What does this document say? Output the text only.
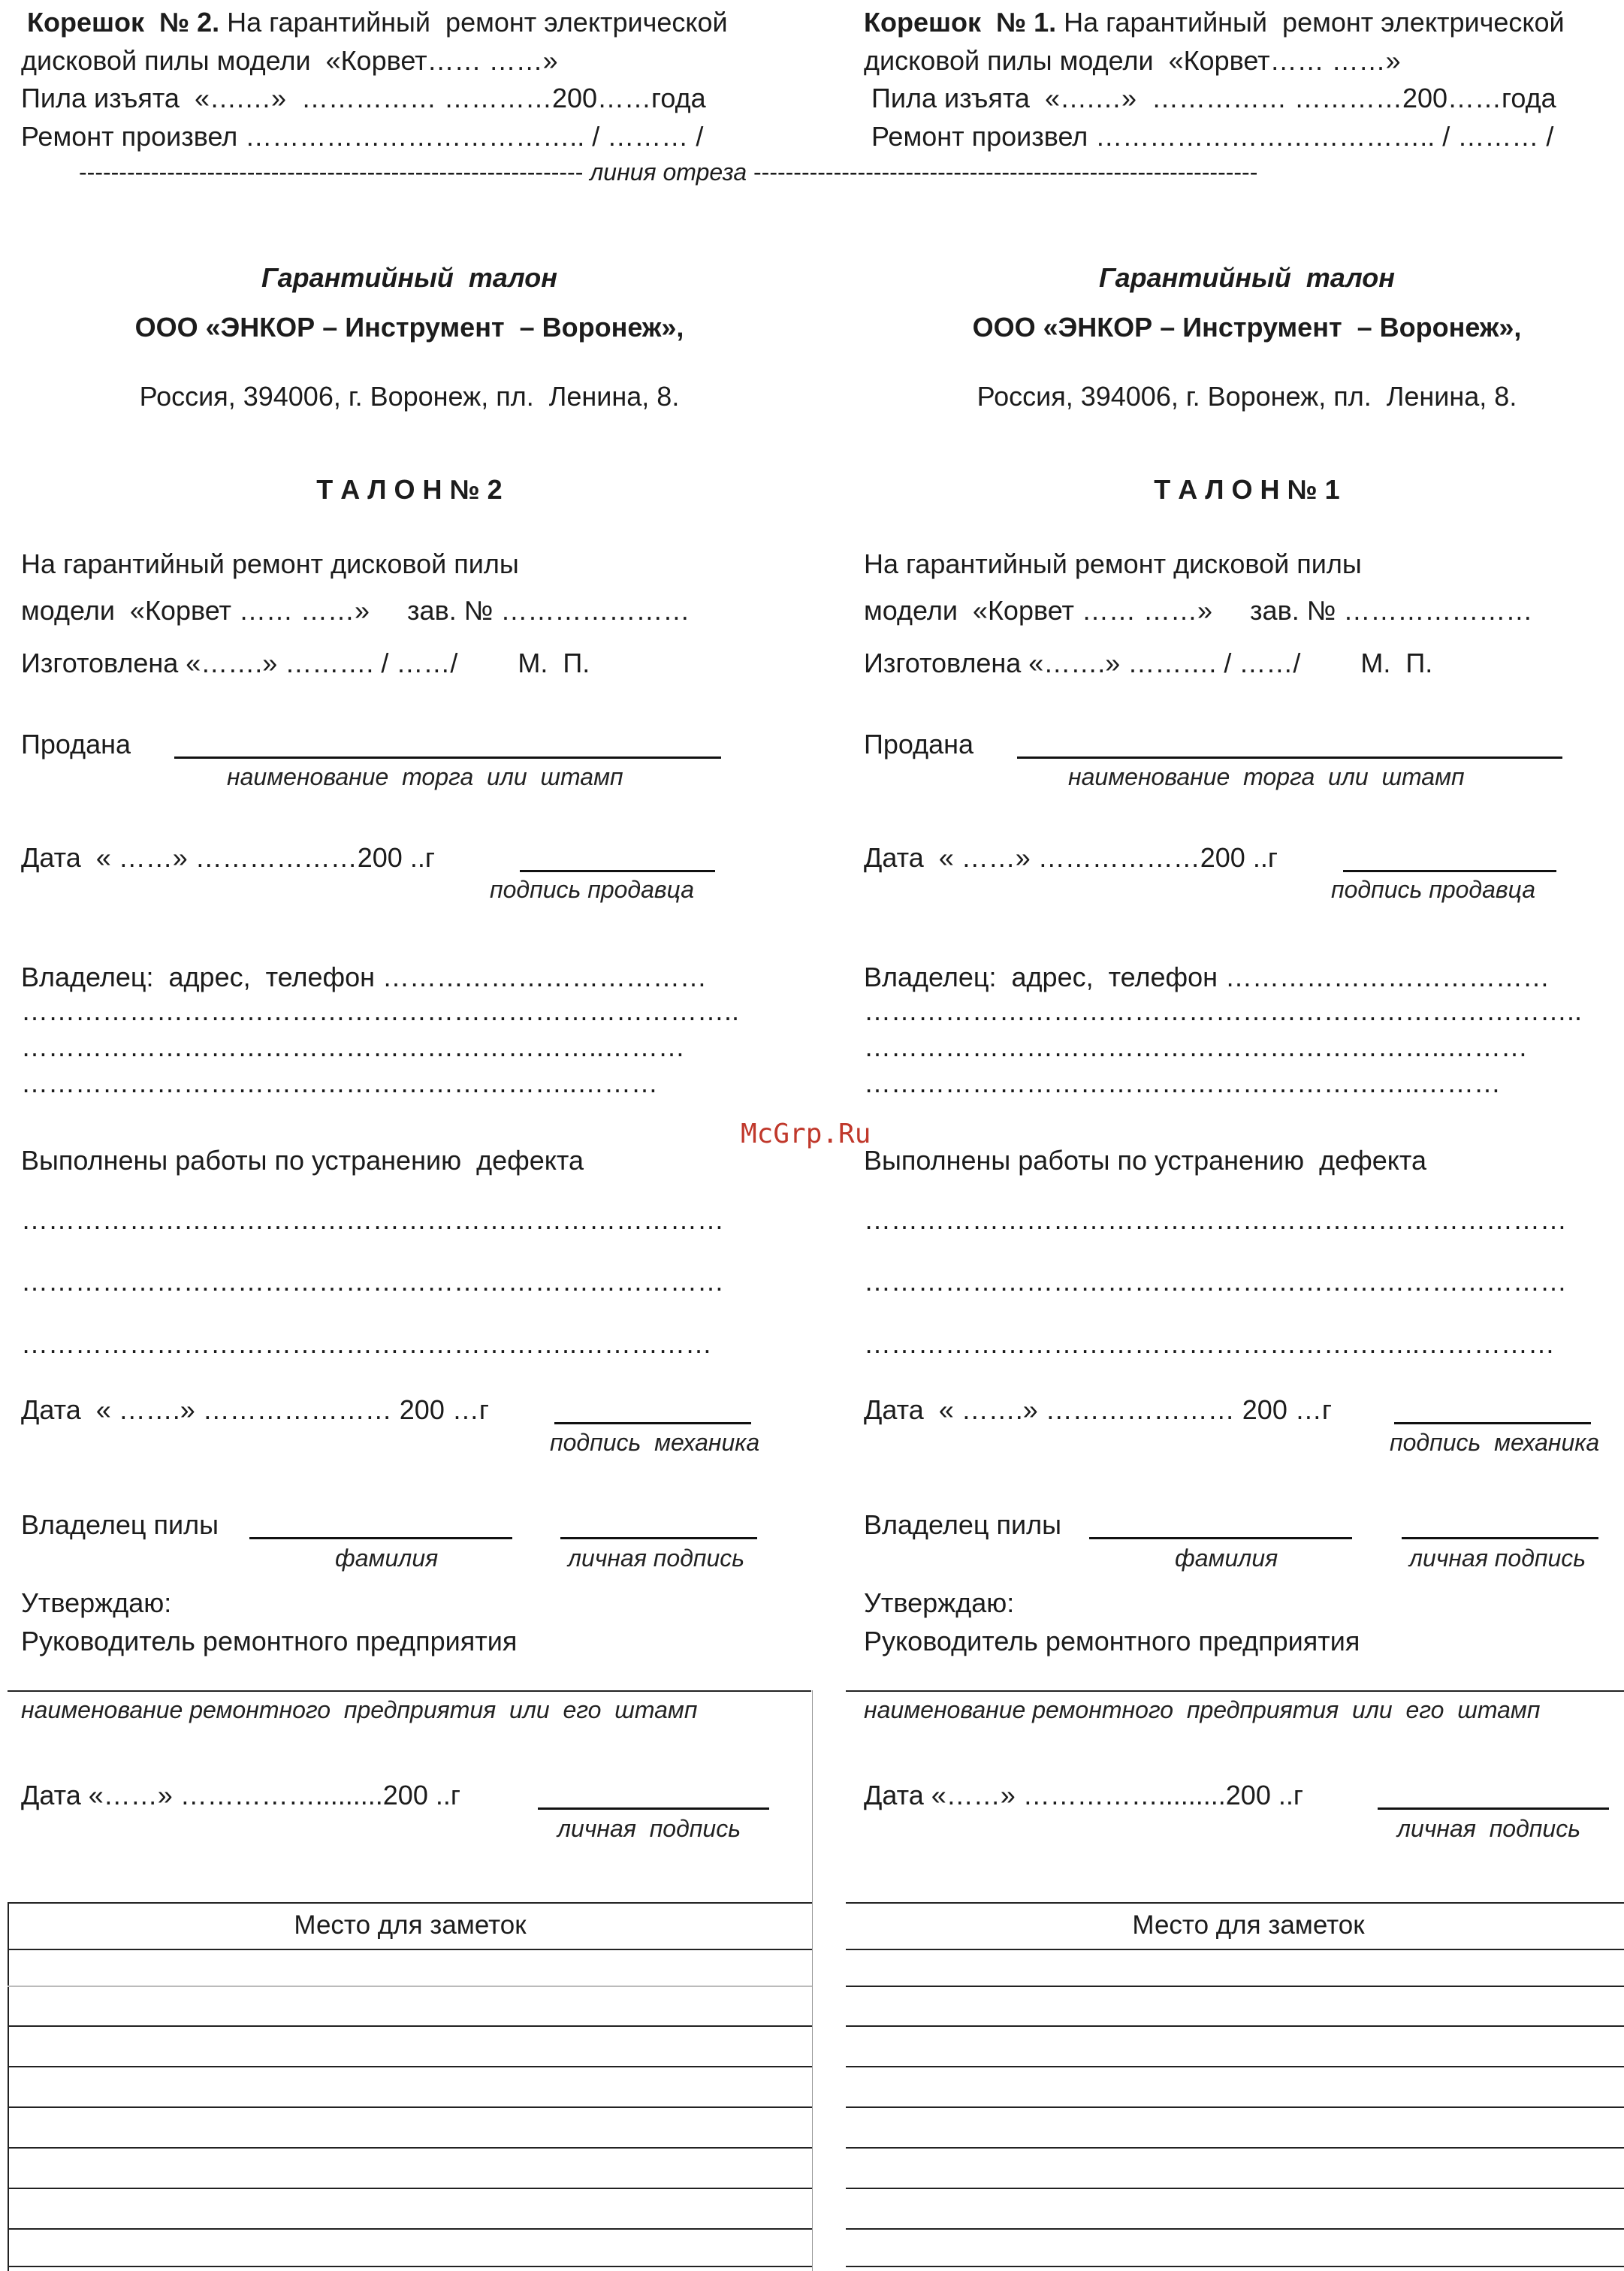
Корешок  № 2. На гарантийный  ремонт электрической
дисковой пилы модели  «Корвет…… ……»
Пила изъята  «….…»  …………… …………200……года
Ремонт произвел ……………………………….. / ……… /
Корешок  № 1. На гарантийный  ремонт электрической
дисковой пилы модели  «Корвет…… ……»
Пила изъята  «….…»  …………… …………200……года
Ремонт произвел ……………………………….. / ……… /
--------------------------------------------------------------- линия отреза ---------------------------------------------------------------
Гарантийный  талон
ООО «ЭНКОР – Инструмент  – Воронеж»,
Россия, 394006, г. Воронеж, пл.  Ленина, 8.
Т А Л О Н № 2
На гарантийный ремонт дисковой пилы
модели  «Корвет …… ……»     зав. № …………………
Изготовлена «…….» ………. / ……/        М.  П.
Продана
наименование  торга  или  штамп
Дата  « ……» ………………200 ..г
подпись продавца
Владелец:  адрес,  телефон ………………………………
……………………………………………………………………..
………………………………………………………..………
……………………………………………………..………
Выполнены работы по устранению  дефекта
……………………………………………………………………
……………………………………………………………………
……………………………………………………..……………
Дата  « …….» ………………… 200 …г
подпись  механика
Владелец пилы
фамилия	личная подпись
Утверждаю:
Руководитель ремонтного предприятия
наименование ремонтного  предприятия  или  его  штамп
Дата «……» …………….........200 ..г
личная  подпись
Место для заметок
Гарантийный  талон
ООО «ЭНКОР – Инструмент  – Воронеж»,
Россия, 394006, г. Воронеж, пл.  Ленина, 8.
Т А Л О Н № 1
На гарантийный ремонт дисковой пилы
модели  «Корвет …… ……»     зав. № …………………
Изготовлена «…….» ………. / ……/        М.  П.
Продана
наименование  торга  или  штамп
Дата  « ……» ………………200 ..г
подпись продавца
Владелец:  адрес,  телефон ………………………………
……………………………………………………………………..
………………………………………………………..………
……………………………………………………..………
Выполнены работы по устранению  дефекта
……………………………………………………………………
……………………………………………………………………
……………………………………………………..……………
Дата  « …….» ………………… 200 …г
подпись  механика
Владелец пилы
фамилия	личная подпись
Утверждаю:
Руководитель ремонтного предприятия
наименование ремонтного  предприятия  или  его  штамп
Дата «……» …………….........200 ..г
личная  подпись
Место для заметок
McGrp.Ru
